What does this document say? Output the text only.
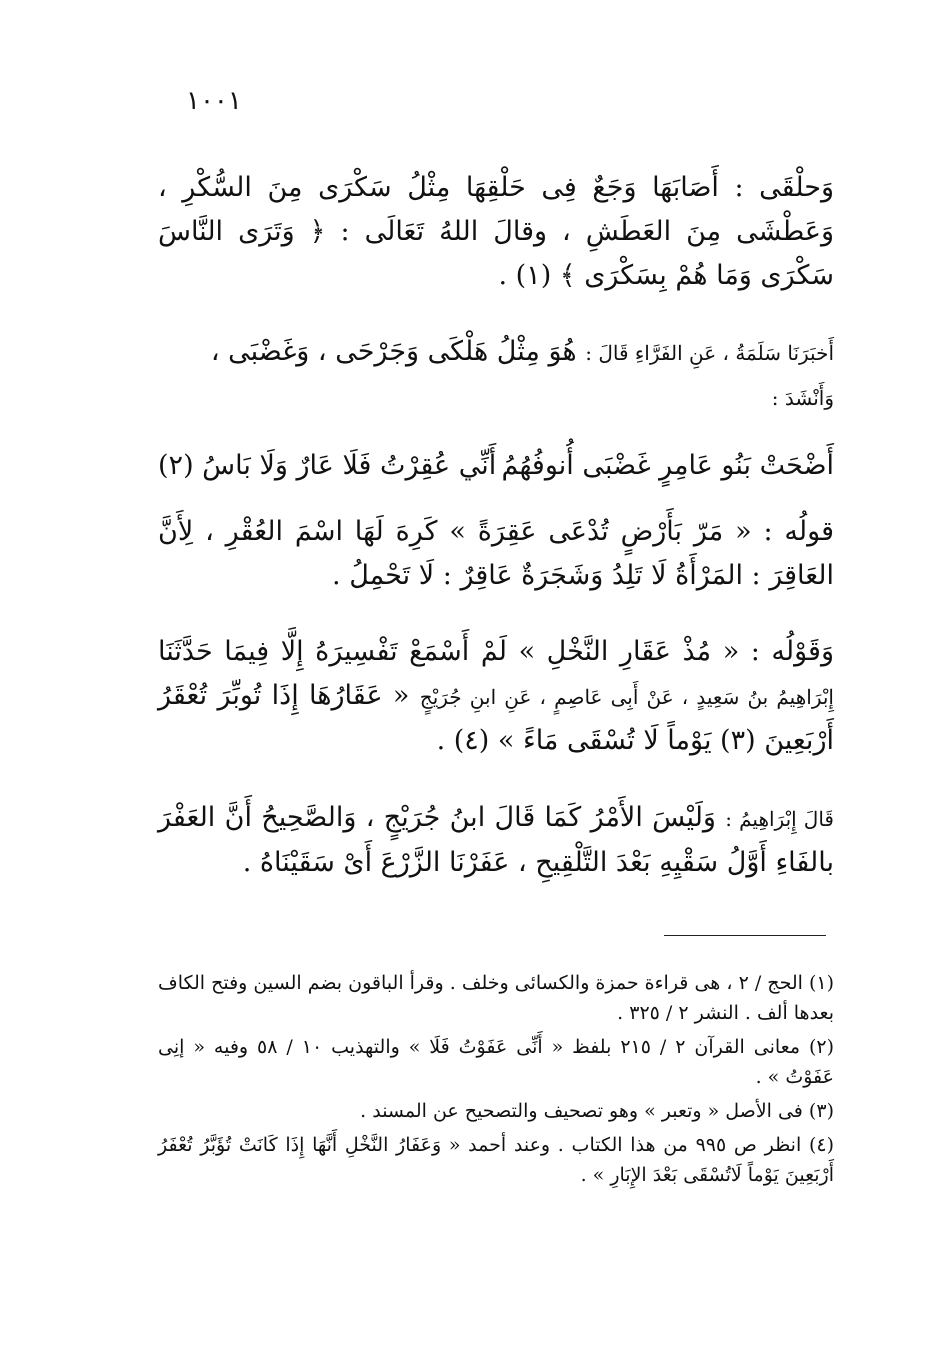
١٠٠١

وَحلْقَى : أَصَابَهَا وَجَعٌ فِى حَلْقِهَا مِثْلُ سَكْرَى مِنَ السُّكْرِ ، وَعَطْشَى مِنَ العَطَشِ ، وقالَ اللهُ تَعَالَى : ﴿ وَتَرَى النَّاسَ سَكْرَى وَمَا هُمْ بِسَكْرَى ﴾ (١) .

أَخبَرَنَا سَلَمَةُ ، عَنِ الفَرَّاءِ قَالَ : هُوَ مِثْلُ هَلْكَى وَجَرْحَى ، وَغَضْبَى ،

وَأَنْشَدَ :

أَضْحَتْ بَنُو عَامِرٍ غَضْبَى أُنوفُهُمُ
أَنِّي عُقِرْتُ فَلَا عَارٌ وَلَا بَاسُ (٢)

قولُه : « مَرّ بَأَرْضٍ تُدْعَى عَقِرَةً » كَرِهَ لَهَا اسْمَ العُقْرِ ، لِأَنَّ العَاقِرَ : المَرْأَةُ لَا تَلِدُ وَشَجَرَةٌ عَاقِرٌ : لَا تَحْمِلُ .

وَقَوْلُه : « مُذْ عَقَارِ النَّخْلِ » لَمْ أَسْمَعْ تَفْسِيرَهُ إِلَّا فِيمَا حَدَّثَنَا إِبْرَاهِيمُ بنُ سَعِيدٍ ، عَنْ أَبِى عَاصِمٍ ، عَنِ ابنِ جُرَيْجٍ « عَقَارُهَا إِذَا تُوبِّرَ تُعْقَرُ أَرْبَعِينَ (٣) يَوْماً لَا تُسْقَى مَاءً » (٤) .

قَالَ إِبْرَاهِيمُ : وَلَيْسَ الأَمْرُ كَمَا قَالَ ابنُ جُرَيْجٍ ، وَالصَّحِيحُ أَنَّ العَفْرَ بالفَاءِ أَوَّلُ سَقْيِهِ بَعْدَ التَّلْقِيحِ ، عَفَرْنَا الزَّرْعَ أَىْ سَقَيْنَاهُ .

(١) الحج / ٢ ، هى قراءة حمزة والكسائى وخلف . وقرأ الباقون بضم السين وفتح الكاف بعدها ألف . النشر ٢ / ٣٢٥ .

(٢) معانى القرآن ٢ / ٢١٥ بلفظ « أَنِّى عَفَوْتُ فَلَا » والتهذيب ١٠ / ٥٨ وفيه « إنِى عَفَوْتُ » .

(٣) فى الأصل « وتعبر » وهو تصحيف والتصحيح عن المسند .

(٤) انظر ص ٩٩٥ من هذا الكتاب . وعند أحمد « وَعَفَارُ النَّخْلِ أَنَّهَا إِذَا كَانَتْ تُؤَبَّرُ تُعْفَرُ أَرْبَعِينَ يَوْماً لَاتُسْقَى بَعْدَ الإِبَارِ » .
